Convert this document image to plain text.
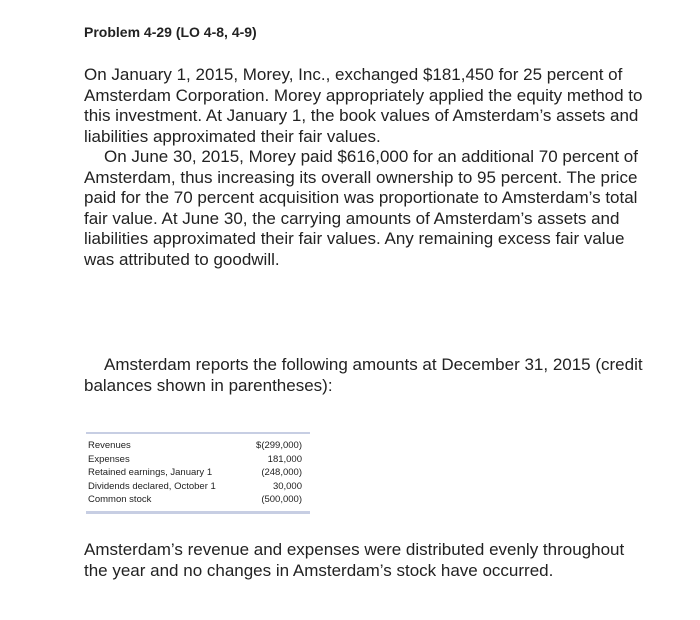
Problem 4-29 (LO 4-8, 4-9)
On January 1, 2015, Morey, Inc., exchanged $181,450 for 25 percent of Amsterdam Corporation. Morey appropriately applied the equity method to this investment. At January 1, the book values of Amsterdam’s assets and liabilities approximated their fair values.
On June 30, 2015, Morey paid $616,000 for an additional 70 percent of Amsterdam, thus increasing its overall ownership to 95 percent. The price paid for the 70 percent acquisition was proportionate to Amsterdam’s total fair value. At June 30, the carrying amounts of Amsterdam’s assets and liabilities approximated their fair values. Any remaining excess fair value was attributed to goodwill.
Amsterdam reports the following amounts at December 31, 2015 (credit balances shown in parentheses):
Revenues	$(299,000)
Expenses	181,000
Retained earnings, January 1	(248,000)
Dividends declared, October 1	30,000
Common stock	(500,000)
Amsterdam’s revenue and expenses were distributed evenly throughout the year and no changes in Amsterdam’s stock have occurred.
